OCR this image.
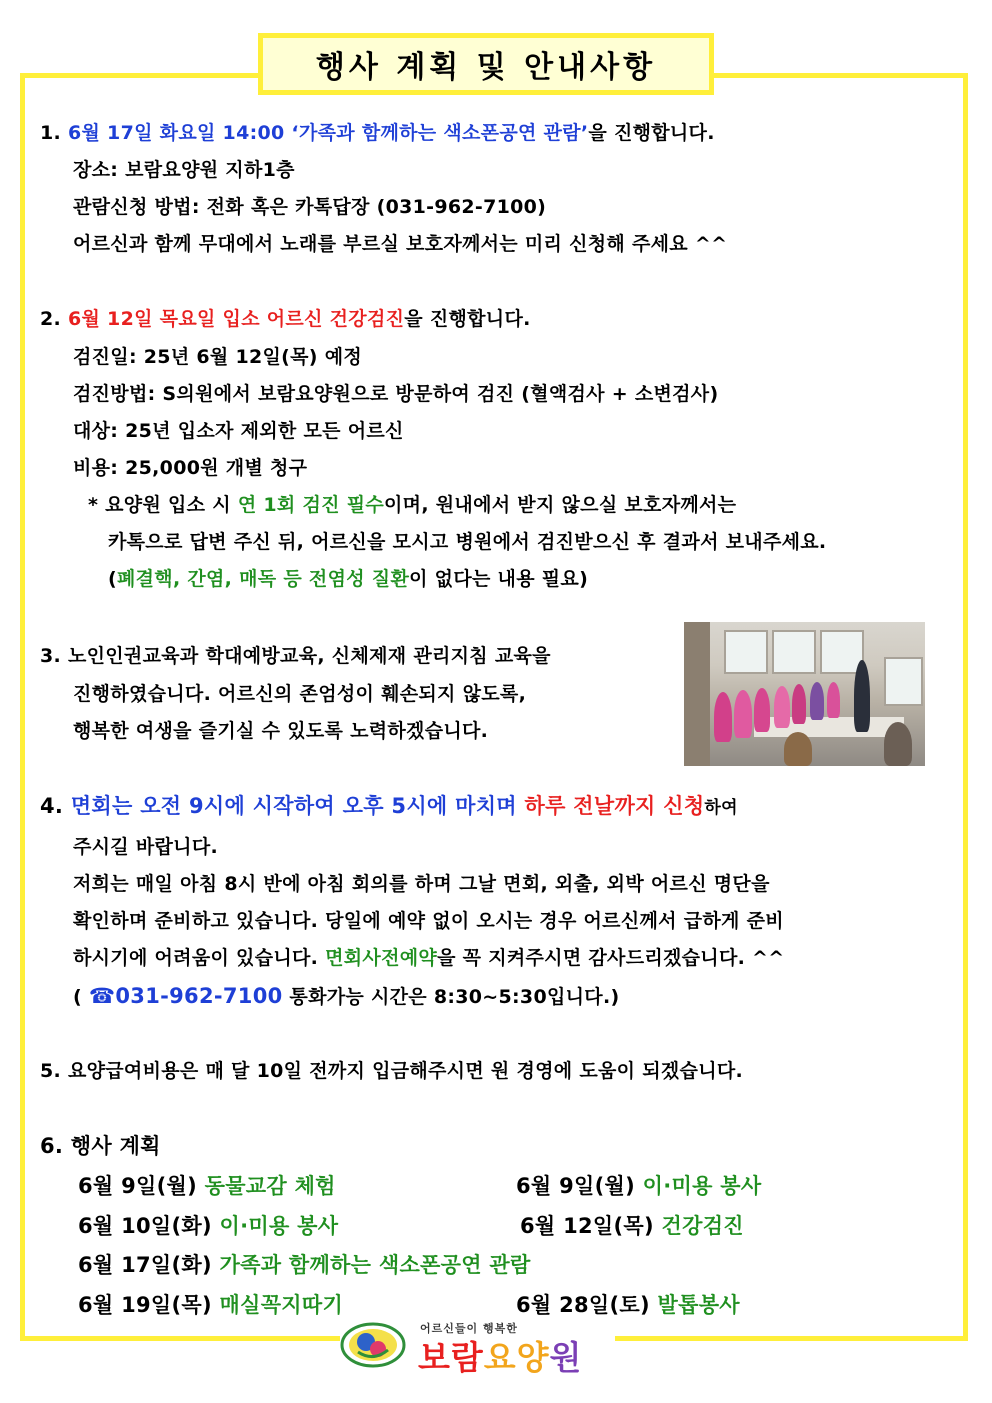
행사 계획 및 안내사항
1. 6월 17일 화요일 14:00 ‘가족과 함께하는 색소폰공연 관람’을 진행합니다.
장소: 보람요양원 지하1층
관람신청 방법: 전화 혹은 카톡답장 (031-962-7100)
어르신과 함께 무대에서 노래를 부르실 보호자께서는 미리 신청해 주세요 ^^
2. 6월 12일 목요일 입소 어르신 건강검진을 진행합니다.
검진일: 25년 6월 12일(목) 예정
검진방법: S의원에서 보람요양원으로 방문하여 검진 (혈액검사 + 소변검사)
대상: 25년 입소자 제외한 모든 어르신
비용: 25,000원 개별 청구
* 요양원 입소 시 연 1회 검진 필수이며, 원내에서 받지 않으실 보호자께서는
카톡으로 답변 주신 뒤, 어르신을 모시고 병원에서 검진받으신 후 결과서 보내주세요.
(폐결핵, 간염, 매독 등 전염성 질환이 없다는 내용 필요)
3. 노인인권교육과 학대예방교육, 신체제재 관리지침 교육을
진행하였습니다. 어르신의 존엄성이 훼손되지 않도록,
행복한 여생을 즐기실 수 있도록 노력하겠습니다.
4. 면회는 오전 9시에 시작하여 오후 5시에 마치며 하루 전날까지 신청하여
주시길 바랍니다.
저희는 매일 아침 8시 반에 아침 회의를 하며 그날 면회, 외출, 외박 어르신 명단을
확인하며 준비하고 있습니다. 당일에 예약 없이 오시는 경우 어르신께서 급하게 준비
하시기에 어려움이 있습니다. 면회사전예약을 꼭 지켜주시면 감사드리겠습니다. ^^
( ☎031-962-7100 통화가능 시간은 8:30~5:30입니다.)
5. 요양급여비용은 매 달 10일 전까지 입금해주시면 원 경영에 도움이 되겠습니다.
6. 행사 계획
6월 9일(월) 동물교감 체험	6월 9일(월) 이·미용 봉사
6월 10일(화) 이·미용 봉사	6월 12일(목) 건강검진
6월 17일(화) 가족과 함께하는 색소폰공연 관람
6월 19일(목) 매실꼭지따기	6월 28일(토) 발톱봉사
어르신들이 행복한
보람요양원
